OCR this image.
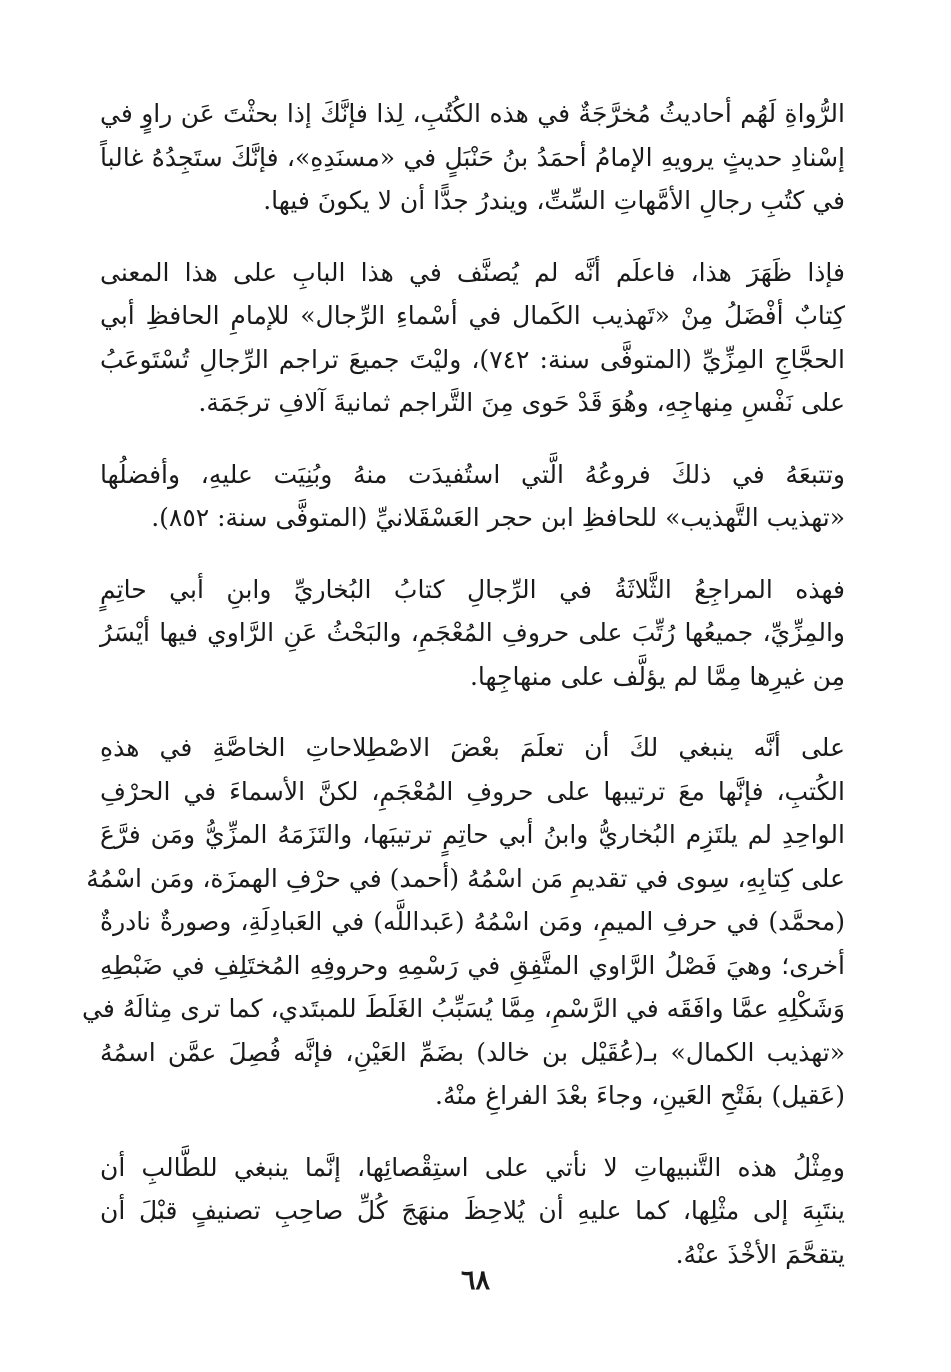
الرُّواةِ لَهُم أحاديثُ مُخرَّجَةٌ في هذه الكُتُبِ، لِذا فإنَّكَ إذا بحثْتَ عَن راوٍ في
إسْنادِ حديثٍ يرويهِ الإمامُ أحمَدُ بنُ حَنْبَلٍ في «مسنَدِهِ»، فإنَّكَ ستَجِدُهُ غالباً
في كتُبِ رجالِ الأمَّهاتِ السِّتِّ، ويندرُ جدًّا أن لا يكونَ فيها.
فإذا ظَهَرَ هذا، فاعلَم أنَّه لم يُصنَّف في هذا البابِ على هذا المعنى
كِتابٌ أفْضَلُ مِنْ «تَهذيب الكَمال في أسْماءِ الرِّجال» للإمامِ الحافظِ أبي
الحجَّاجِ المِزِّيِّ (المتوفَّى سنة: ٧٤٢)، وليْتَ جميعَ تراجم الرِّجالِ تُسْتَوعَبُ
على نَفْسِ مِنهاجِهِ، وهُوَ قَدْ حَوى مِنَ التَّراجم ثمانيةَ آلافِ ترجَمَة.
وتتبعَهُ في ذلكَ فروعُهُ الَّتي استُفيدَت منهُ وبُنِيَت عليهِ، وأفضلُها
«تهذيب التَّهذيب» للحافظِ ابن حجر العَسْقَلانيِّ (المتوفَّى سنة: ٨٥٢).
فهذه المراجِعُ الثَّلاثَةُ في الرِّجالِ كتابُ البُخاريِّ وابنِ أبي حاتِمٍ
والمِزِّيِّ، جميعُها رُتِّبَ على حروفِ المُعْجَمِ، والبَحْثُ عَنِ الرَّاوي فيها أيْسَرُ
مِن غيرِها مِمَّا لم يؤلَّف على منهاجِها.
على أنَّه ينبغي لكَ أن تعلَمَ بعْضَ الاصْطِلاحاتِ الخاصَّةِ في هذهِ
الكُتبِ، فإنَّها معَ ترتيبها على حروفِ المُعْجَمِ، لكنَّ الأسماءَ في الحرْفِ
الواحِدِ لم يلتَزِم البُخاريُّ وابنُ أبي حاتِمٍ ترتيبَها، والتَزَمَهُ المزِّيُّ ومَن فرَّعَ
على كِتابِهِ، سِوى في تقديمِ مَن اسْمُهُ (أحمد) في حرْفِ الهمزَة، ومَن اسْمُهُ
(محمَّد) في حرفِ الميمِ، ومَن اسْمُهُ (عَبداللَّه) في العَبادِلَةِ، وصورةٌ نادرةٌ
أخرى؛ وهيَ فَصْلُ الرَّاوي المتَّفِقِ في رَسْمِهِ وحروفِهِ المُختَلِفِ في ضَبْطِهِ
وَشَكْلِهِ عمَّا وافَقَه في الرَّسْمِ، مِمَّا يُسَبِّبُ الغَلَطَ للمبتَدي، كما ترى مِثالَهُ في
«تهذيب الكمال» بـ(عُقَيْل بن خالد) بضَمِّ العَيْنِ، فإنَّه فُصِلَ عمَّن اسمُهُ
(عَقيل) بفَتْحِ العَينِ، وجاءَ بعْدَ الفراغِ منْهُ.
ومِثْلُ هذه التَّنبيهاتِ لا نأتي على استِقْصائِها، إنَّما ينبغي للطَّالبِ أن
ينتَبِهَ إلى مثْلِها، كما عليهِ أن يُلاحِظَ منهَجَ كُلِّ صاحِبِ تصنيفٍ قبْلَ أن
يتقحَّمَ الأخْذَ عنْهُ.
٦٨
